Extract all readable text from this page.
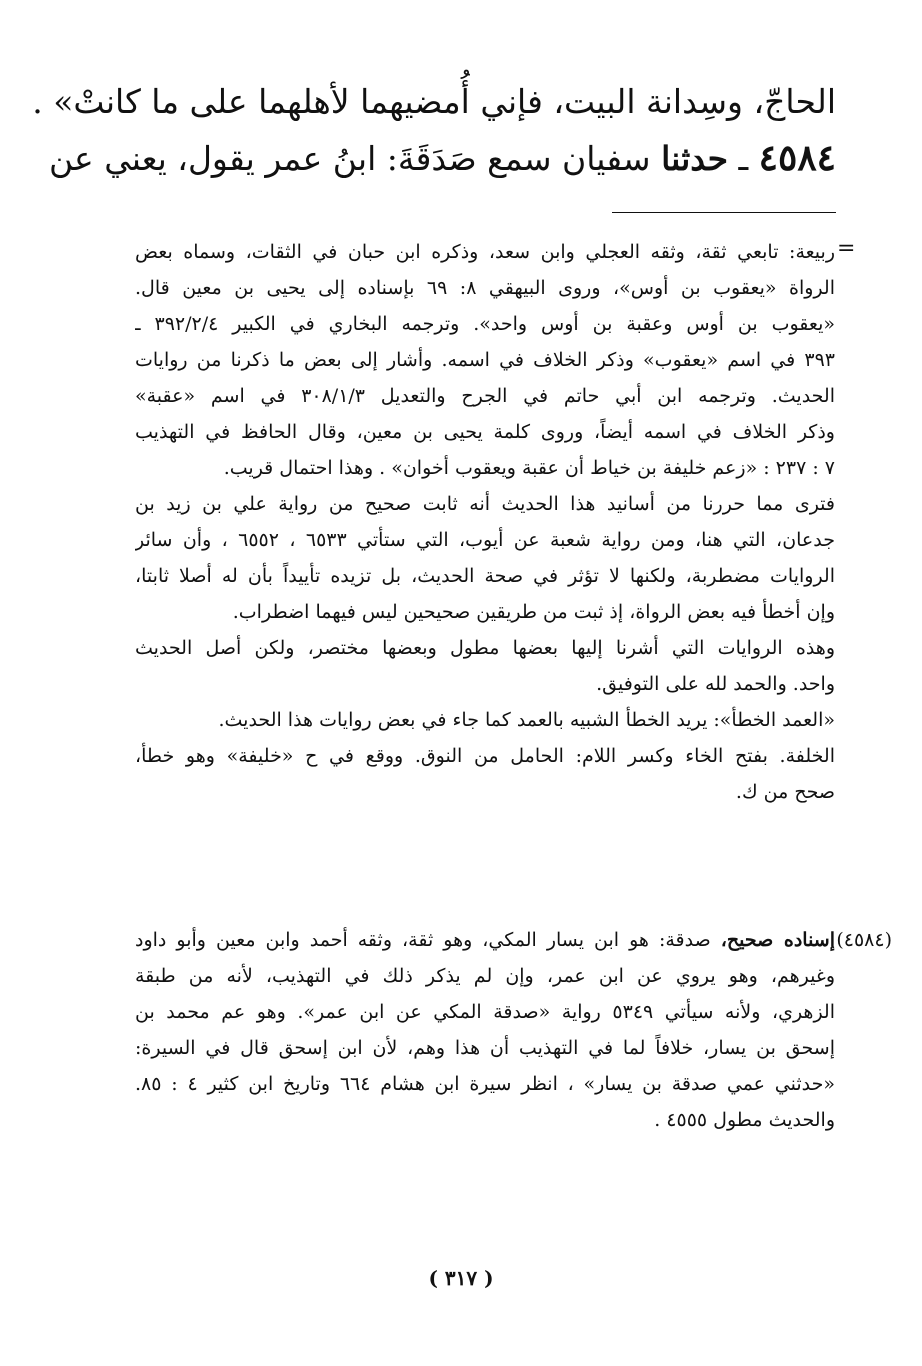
الحاجّ، وسِدانة البيت، فإني أُمضيهما لأهلهما على ما كانتْ» .
٤٥٨٤ ـ حدثنا سفيان سمع صَدَقَةَ: ابنُ عمر يقول، يعني عن
=
ربيعة: تابعي ثقة، وثقه العجلي وابن سعد، وذكره ابن حبان في الثقات، وسماه بعض
الرواة «يعقوب بن أوس»، وروى البيهقي ٨: ٦٩ بإسناده إلى يحيى بن معين قال.
«يعقوب بن أوس وعقبة بن أوس واحد». وترجمه البخاري في الكبير ٣٩٢/٢/٤ ـ
٣٩٣ في اسم «يعقوب» وذكر الخلاف في اسمه. وأشار إلى بعض ما ذكرنا من روايات
الحديث. وترجمه ابن أبي حاتم في الجرح والتعديل ٣٠٨/١/٣ في اسم «عقبة»
وذكر الخلاف في اسمه أيضاً، وروى كلمة يحيى بن معين، وقال الحافظ في التهذيب
٧ : ٢٣٧ : «زعم خليفة بن خياط أن عقبة ويعقوب أخوان» . وهذا احتمال قريب.
فترى مما حررنا من أسانيد هذا الحديث أنه ثابت صحيح من رواية علي بن زيد بن
جدعان، التي هنا، ومن رواية شعبة عن أيوب، التي ستأتي ٦٥٣٣ ، ٦٥٥٢ ، وأن سائر
الروايات مضطربة، ولكنها لا تؤثر في صحة الحديث، بل تزيده تأييداً بأن له أصلا ثابتا،
وإن أخطأ فيه بعض الرواة، إذ ثبت من طريقين صحيحين ليس فيهما اضطراب.
وهذه الروايات التي أشرنا إليها بعضها مطول وبعضها مختصر، ولكن أصل الحديث
واحد. والحمد لله على التوفيق.
«العمد الخطأ»: يريد الخطأ الشبيه بالعمد كما جاء في بعض روايات هذا الحديث.
الخلفة. بفتح الخاء وكسر اللام: الحامل من النوق. ووقع في ح «خليفة» وهو خطأ،
صحح من ك.
(٤٥٨٤)
إسناده صحيح، صدقة: هو ابن يسار المكي، وهو ثقة، وثقه أحمد وابن معين وأبو داود
وغيرهم، وهو يروي عن ابن عمر، وإن لم يذكر ذلك في التهذيب، لأنه من طبقة
الزهري، ولأنه سيأتي ٥٣٤٩ رواية «صدقة المكي عن ابن عمر». وهو عم محمد بن
إسحق بن يسار، خلافاً لما في التهذيب أن هذا وهم، لأن ابن إسحق قال في السيرة:
«حدثني عمي صدقة بن يسار» ، انظر سيرة ابن هشام ٦٦٤ وتاريخ ابن كثير ٤ : ٨٥.
والحديث مطول ٤٥٥٥ .
( ٣١٧ )
